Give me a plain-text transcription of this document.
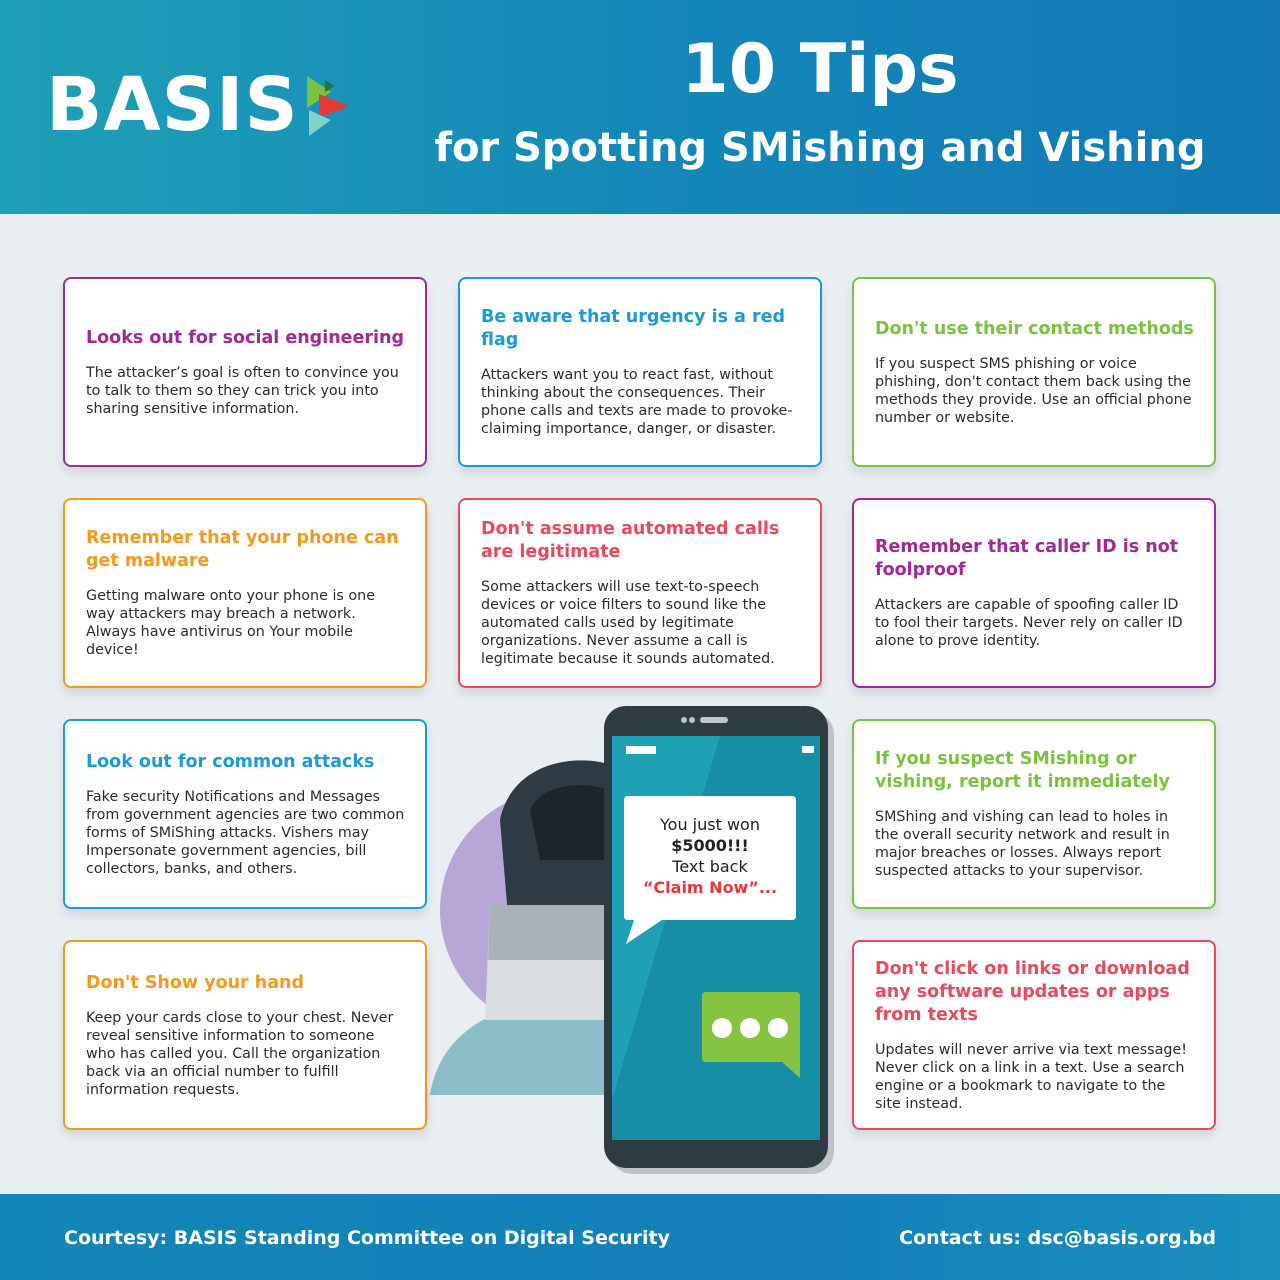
BASIS	10 Tips
for Spotting SMishing and Vishing
You just won
$5000!!!
Text back
“Claim Now”...
Looks out for social engineering

The attacker’s goal is often to convince you to talk to them so they can trick you into sharing sensitive information.

Be aware that urgency is a red flag

Attackers want you to react fast, without thinking about the consequences. Their phone calls and texts are made to provoke-claiming importance, danger, or disaster.

Don't use their contact methods

If you suspect SMS phishing or voice phishing, don't contact them back using the methods they provide. Use an official phone number or website.

Remember that your phone can get malware

Getting malware onto your phone is one way attackers may breach a network. Always have antivirus on Your mobile device!

Don't assume automated calls are legitimate

Some attackers will use text-to-speech devices or voice filters to sound like the automated calls used by legitimate organizations. Never assume a call is legitimate because it sounds automated.

Remember that caller ID is not foolproof

Attackers are capable of spoofing caller ID to fool their targets. Never rely on caller ID alone to prove identity.

Look out for common attacks

Fake security Notifications and Messages from government agencies are two common forms of SMiShing attacks. Vishers may Impersonate government agencies, bill collectors, banks, and others.

If you suspect SMishing or vishing, report it immediately

SMShing and vishing can lead to holes in the overall security network and result in major breaches or losses. Always report suspected attacks to your supervisor.

Don't Show your hand

Keep your cards close to your chest. Never reveal sensitive information to someone who has called you. Call the organization back via an official number to fulfill information requests.

Don't click on links or download any software updates or apps from texts

Updates will never arrive via text message! Never click on a link in a text. Use a search engine or a bookmark to navigate to the site instead.

Courtesy: BASIS Standing Committee on Digital Security	Contact us: dsc@basis.org.bd
